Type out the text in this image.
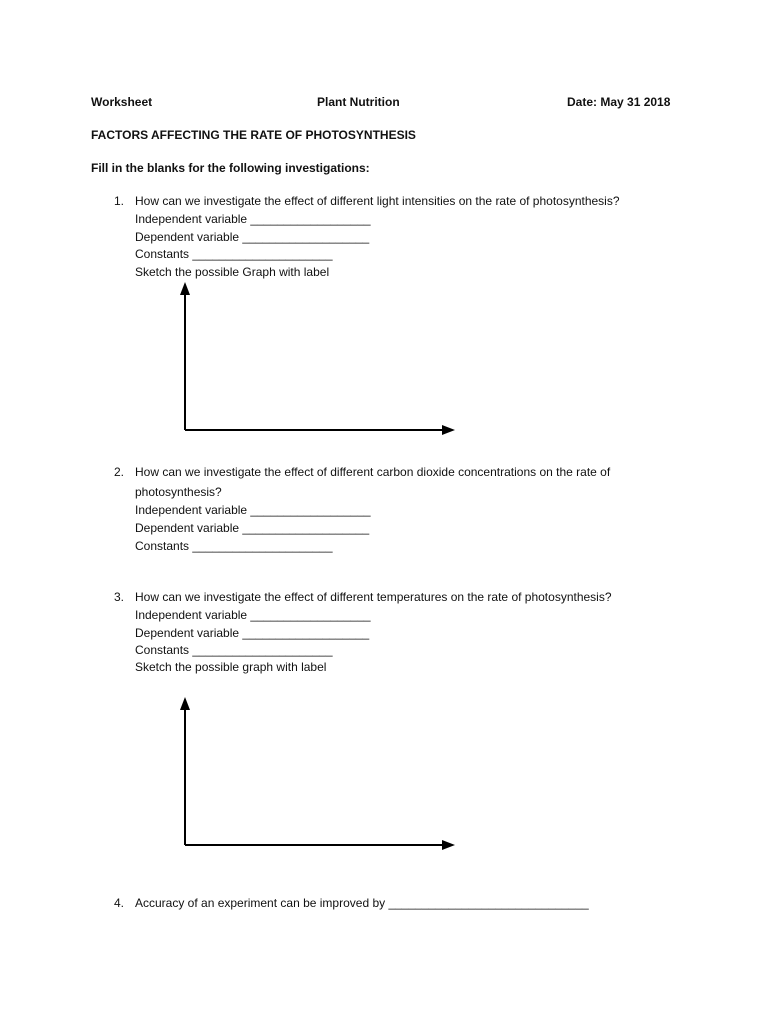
Worksheet	Plant Nutrition	Date: May 31 2018
FACTORS AFFECTING THE RATE OF PHOTOSYNTHESIS
Fill in the blanks for the following investigations:
1. How can we investigate the effect of different light intensities on the rate of photosynthesis?
Independent variable __________________
Dependent variable ___________________
Constants _____________________
Sketch the possible Graph with label
2. How can we investigate the effect of different carbon dioxide concentrations on the rate of
photosynthesis?
Independent variable __________________
Dependent variable ___________________
Constants _____________________
3. How can we investigate the effect of different temperatures on the rate of photosynthesis?
Independent variable __________________
Dependent variable ___________________
Constants _____________________
Sketch the possible graph with label
4. Accuracy of an experiment can be improved by ______________________________
